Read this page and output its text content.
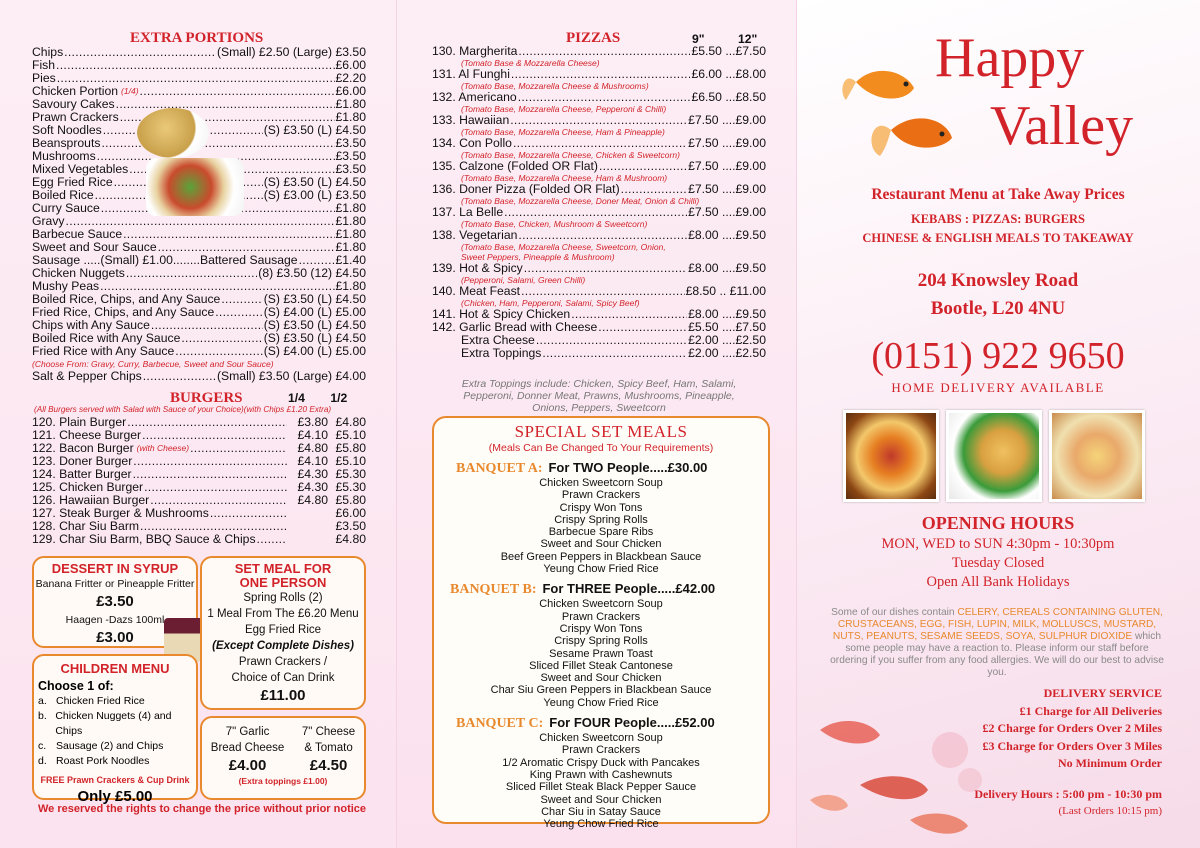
EXTRA PORTIONS
Chips .....	(Small) £2.50 (Large) £3.50
Fish .....	£6.00
Pies .....	£2.20
Chicken Portion (1/4) .....	£6.00
Savoury Cakes .....	£1.80
Prawn Crackers .....	£1.80
Soft Noodles .....	(S) £3.50 (L) £4.50
Beansprouts .....	£3.50
Mushrooms .....	£3.50
Mixed Vegetables .....	£3.50
Egg Fried Rice .....	(S) £3.50 (L) £4.50
Boiled Rice .....	(S) £3.00 (L) £3.50
Curry Sauce .....	£1.80
Gravy .....	£1.80
Barbecue Sauce .....	£1.80
Sweet and Sour Sauce .....	£1.80
Sausage .....(Small) £1.00........Battered Sausage .....	£1.40
Chicken Nuggets .....	(8) £3.50 (12) £4.50
Mushy Peas .....	£1.80
Boiled Rice, Chips, and Any Sauce .....	(S) £3.50 (L) £4.50
Fried Rice, Chips, and Any Sauce .....	(S) £4.00 (L) £5.00
Chips with Any Sauce .....	(S) £3.50 (L) £4.50
Boiled Rice with Any Sauce .....	(S) £3.50 (L) £4.50
Fried Rice with Any Sauce .....	(S) £4.00 (L) £5.00
(Choose From: Gravy, Curry, Barbecue, Sweet and Sour Sauce)
Salt & Pepper Chips .....	(Small) £3.50 (Large) £4.00
BURGERS	1/4 1/2
(All Burgers served with Salad with Sauce of your Choice)(with Chips £1.20 Extra)
120. Plain Burger .....	£3.80 £4.80
121. Cheese Burger .....	£4.10 £5.10
122. Bacon Burger (with Cheese) .....	£4.80 £5.80
123. Doner Burger .....	£4.10 £5.10
124. Batter Burger .....	£4.30 £5.30
125. Chicken Burger .....	£4.30 £5.30
126. Hawaiian Burger .....	£4.80 £5.80
127. Steak Burger & Mushrooms .....	£6.00
128. Char Siu Barm .....	£3.50
129. Char Siu Barm, BBQ Sauce & Chips .....	£4.80
DESSERT IN SYRUP
Banana Fritter or Pineapple Fritter
£3.50
Haagen -Dazs 100ml
£3.00
SET MEAL FOR
ONE PERSON
Spring Rolls (2)
1 Meal From The £6.20 Menu
Egg Fried Rice
(Except Complete Dishes)
Prawn Crackers /
Choice of Can Drink
£11.00
CHILDREN MENU
Choose 1 of:
a. Chicken Fried Rice
b. Chicken Nuggets (4) and Chips
c. Sausage (2) and Chips
d. Roast Pork Noodles
FREE Prawn Crackers & Cup Drink
Only £5.00
7" Garlic
Bread Cheese
£4.00
7" Cheese
& Tomato
£4.50
(Extra toppings £1.00)
We reserved the rights to change the price without prior notice
PIZZAS	9"	12"
130. Margherita .....	£5.50 ...£7.50
(Tomato Base & Mozzarella Cheese)
131. Al Funghi .....	£6.00 ...£8.00
(Tomato Base, Mozzarella Cheese & Mushrooms)
132. Americano .....	£6.50 ...£8.50
(Tomato Base, Mozzarella Cheese, Pepperoni & Chilli)
133. Hawaiian .....	£7.50 ....£9.00
(Tomato Base, Mozzarella Cheese, Ham & Pineapple)
134. Con Pollo .....	£7.50 ....£9.00
(Tomato Base, Mozzarella Cheese, Chicken & Sweetcorn)
135. Calzone (Folded OR Flat) .....	£7.50 ....£9.00
(Tomato Base, Mozzarella Cheese, Ham & Mushroom)
136. Doner Pizza (Folded OR Flat) .....	£7.50 ....£9.00
(Tomato Base, Mozzarella Cheese, Doner Meat, Onion & Chilli)
137. La Belle .....	£7.50 ....£9.00
(Tomato Base, Chicken, Mushroom & Sweetcorn)
138. Vegetarian .....	£8.00 ....£9.50
(Tomato Base, Mozzarella Cheese, Sweetcorn, Onion,
Sweet Peppers, Pineapple & Mushroom)
139. Hot & Spicy .....	£8.00 ....£9.50
(Pepperoni, Salami, Green Chilli)
140. Meat Feast .....	£8.50 .. £11.00
(Chicken, Ham, Pepperoni, Salami, Spicy Beef)
141. Hot & Spicy Chicken .....	£8.00 ....£9.50
142. Garlic Bread with Cheese .....	£5.50 ....£7.50
Extra Cheese .....	£2.00 ....£2.50
Extra Toppings .....	£2.00 ....£2.50
Extra Toppings include: Chicken, Spicy Beef, Ham, Salami,
Pepperoni, Donner Meat, Prawns, Mushrooms, Pineapple,
Onions, Peppers, Sweetcorn
SPECIAL SET MEALS
(Meals Can Be Changed To Your Requirements)
BANQUET A: For TWO People.....£30.00
Chicken Sweetcorn Soup
Prawn Crackers
Crispy Won Tons
Crispy Spring Rolls
Barbecue Spare Ribs
Sweet and Sour Chicken
Beef Green Peppers in Blackbean Sauce
Yeung Chow Fried Rice
BANQUET B: For THREE People.....£42.00
Chicken Sweetcorn Soup
Prawn Crackers
Crispy Won Tons
Crispy Spring Rolls
Sesame Prawn Toast
Sliced Fillet Steak Cantonese
Sweet and Sour Chicken
Char Siu Green Peppers in Blackbean Sauce
Yeung Chow Fried Rice
BANQUET C: For FOUR People.....£52.00
Chicken Sweetcorn Soup
Prawn Crackers
1/2 Aromatic Crispy Duck with Pancakes
King Prawn with Cashewnuts
Sliced Fillet Steak Black Pepper Sauce
Sweet and Sour Chicken
Char Siu in Satay Sauce
Yeung Chow Fried Rice
Happy
Valley
Restaurant Menu at Take Away Prices
KEBABS : PIZZAS: BURGERS
CHINESE & ENGLISH MEALS TO TAKEAWAY
204 Knowsley Road
Bootle, L20 4NU
(0151) 922 9650
HOME DELIVERY AVAILABLE
OPENING HOURS
MON, WED to SUN 4:30pm - 10:30pm
Tuesday Closed
Open All Bank Holidays
Some of our dishes contain CELERY, CEREALS CONTAINING GLUTEN, CRUSTACEANS, EGG, FISH, LUPIN, MILK, MOLLUSCS, MUSTARD, NUTS, PEANUTS, SESAME SEEDS, SOYA, SULPHUR DIOXIDE which some people may have a reaction to. Please inform our staff before ordering if you suffer from any food allergies. We will do our best to advise you.
DELIVERY SERVICE
£1 Charge for All Deliveries
£2 Charge for Orders Over 2 Miles
£3 Charge for Orders Over 3 Miles
No Minimum Order
Delivery Hours : 5:00 pm - 10:30 pm
(Last Orders 10:15 pm)
